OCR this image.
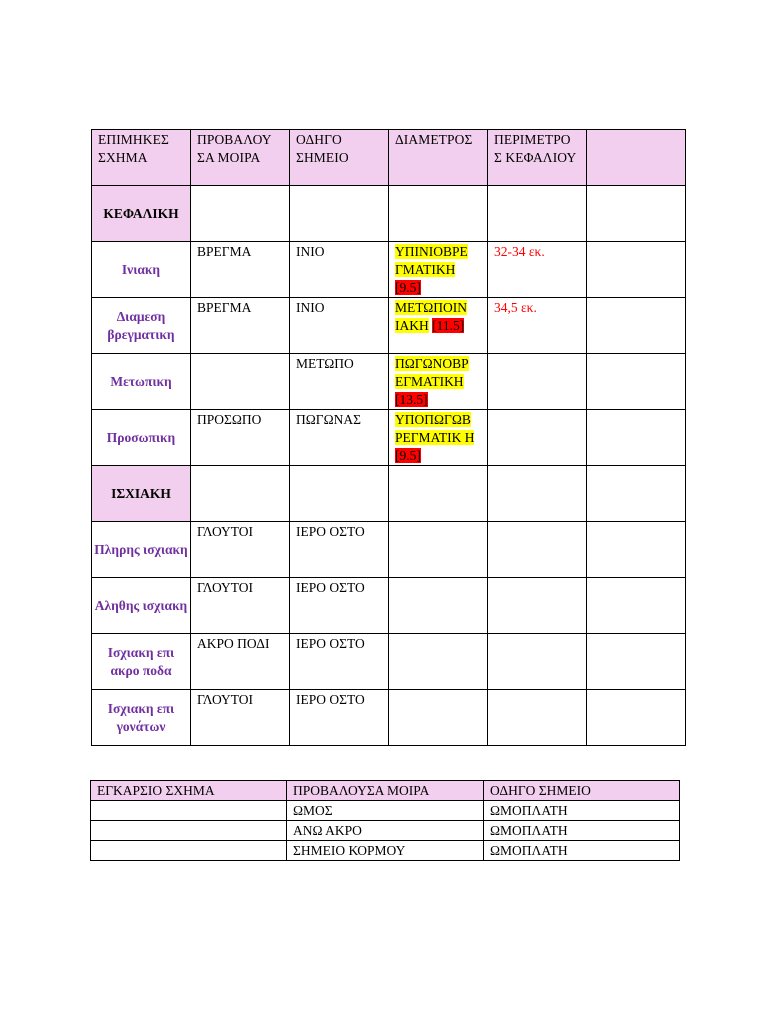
ΕΠΙΜΗΚΕΣ ΣΧΗΜΑ	ΠΡΟΒΑΛΟΥ ΣΑ ΜΟΙΡΑ	ΟΔΗΓΟ ΣΗΜΕΙΟ	ΔΙΑΜΕΤΡΟΣ	ΠΕΡΙΜΕΤΡΟ Σ ΚΕΦΑΛΙΟΥ	
ΚΕΦΑΛΙΚΗ					
Ινιακη	ΒΡΕΓΜΑ	ΙΝΙΟ	ΥΠΙΝΙΟΒΡΕ ΓΜΑΤΙΚΗ [9.5]	32-34 εκ.	
Διαμεση βρεγματικη	ΒΡΕΓΜΑ	ΙΝΙΟ	ΜΕΤΩΠΟΙΝ ΙΑΚΗ [11.5]	34,5 εκ.	
Μετωπικη		ΜΕΤΩΠΟ	ΠΩΓΩΝΟΒΡ ΕΓΜΑΤΙΚΗ [13.5]		
Προσωπικη	ΠΡΟΣΩΠΟ	ΠΩΓΩΝΑΣ	ΥΠΟΠΩΓΩΒ ΡΕΓΜΑΤΙΚ Η [9.5]		
ΙΣΧΙΑΚΗ					
Πληρης ισχιακη	ΓΛΟΥΤΟΙ	ΙΕΡΟ ΟΣΤΟ			
Αληθης ισχιακη	ΓΛΟΥΤΟΙ	ΙΕΡΟ ΟΣΤΟ			
Ισχιακη επι ακρο ποδα	ΑΚΡΟ ΠΟΔΙ	ΙΕΡΟ ΟΣΤΟ			
Ισχιακη επι γονάτων	ΓΛΟΥΤΟΙ	ΙΕΡΟ ΟΣΤΟ			
ΕΓΚΑΡΣΙΟ ΣΧΗΜΑ	ΠΡΟΒΑΛΟΥΣΑ ΜΟΙΡΑ	ΟΔΗΓΟ ΣΗΜΕΙΟ
	ΩΜΟΣ	ΩΜΟΠΛΑΤΗ
	ΑΝΩ ΑΚΡΟ	ΩΜΟΠΛΑΤΗ
	ΣΗΜΕΙΟ ΚΟΡΜΟΥ	ΩΜΟΠΛΑΤΗ
